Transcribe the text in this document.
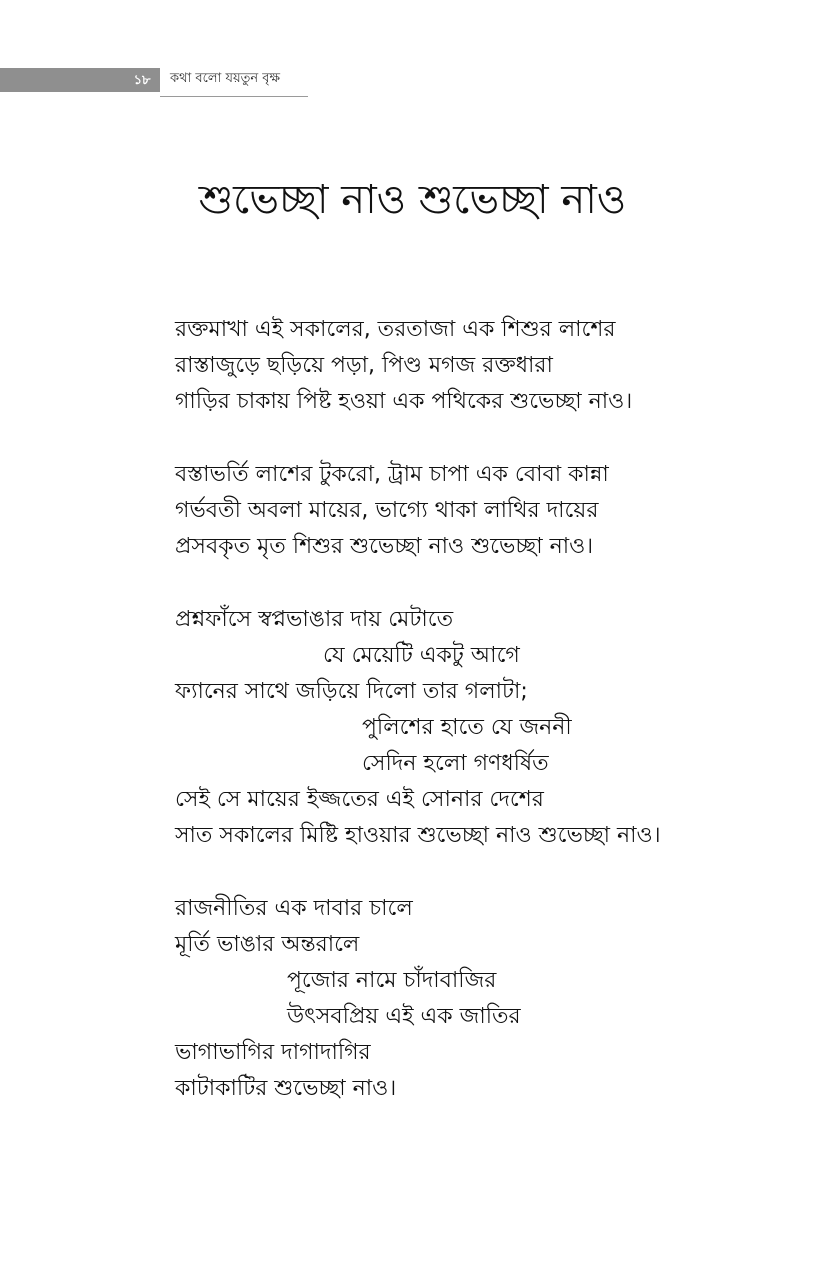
১৮	কথা বলো যয়তুন বৃক্ষ
শুভেচ্ছা নাও শুভেচ্ছা নাও
রক্তমাখা এই সকালের, তরতাজা এক শিশুর লাশের
রাস্তাজুড়ে ছড়িয়ে পড়া, পিণ্ড মগজ রক্তধারা
গাড়ির চাকায় পিষ্ট হওয়া এক পথিকের শুভেচ্ছা নাও।
বস্তাভর্তি লাশের টুকরো, ট্রাম চাপা এক বোবা কান্না
গর্ভবতী অবলা মায়ের, ভাগ্যে থাকা লাথির দায়ের
প্রসবকৃত মৃত শিশুর শুভেচ্ছা নাও শুভেচ্ছা নাও।
প্রশ্নফাঁসে স্বপ্নভাঙার দায় মেটাতে
যে মেয়েটি একটু আগে
ফ্যানের সাথে জড়িয়ে দিলো তার গলাটা;
পুলিশের হাতে যে জননী
সেদিন হলো গণধর্ষিত
সেই সে মায়ের ইজ্জতের এই সোনার দেশের
সাত সকালের মিষ্টি হাওয়ার শুভেচ্ছা নাও শুভেচ্ছা নাও।
রাজনীতির এক দাবার চালে
মূর্তি ভাঙার অন্তরালে
পূজোর নামে চাঁদাবাজির
উৎসবপ্রিয় এই এক জাতির
ভাগাভাগির দাগাদাগির
কাটাকাটির শুভেচ্ছা নাও।
